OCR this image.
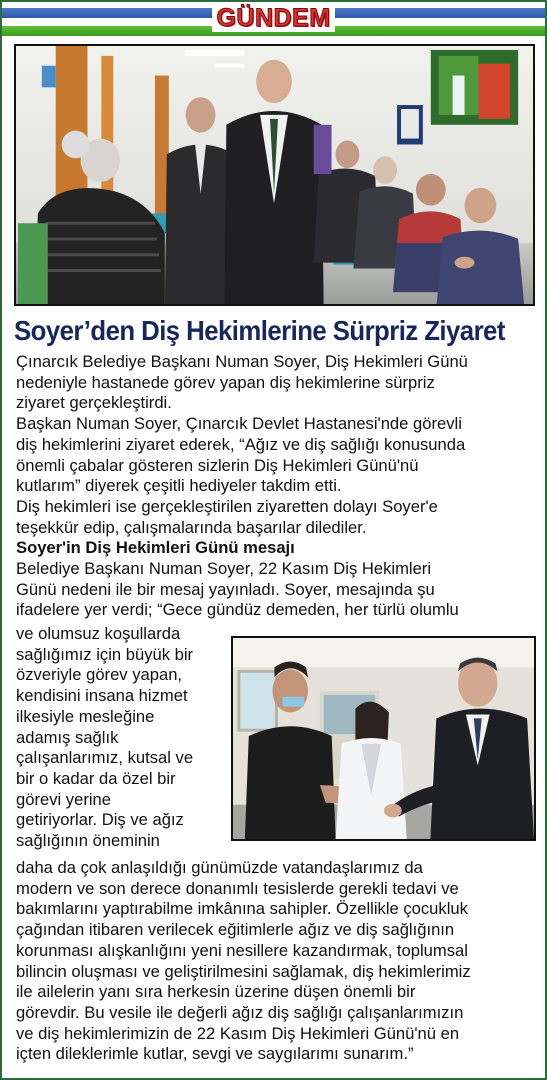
GÜNDEM
Soyer’den Diş Hekimlerine Sürpriz Ziyaret

Çınarcık Belediye Başkanı Numan Soyer, Diş Hekimleri Günü

nedeniyle hastanede görev yapan diş hekimlerine sürpriz

ziyaret gerçekleştirdi.

Başkan Numan Soyer, Çınarcık Devlet Hastanesi'nde görevli

diş hekimlerini ziyaret ederek, “Ağız ve diş sağlığı konusunda

önemli çabalar gösteren sizlerin Diş Hekimleri Günü'nü

kutlarım” diyerek çeşitli hediyeler takdim etti.

Diş hekimleri ise gerçekleştirilen ziyaretten dolayı Soyer'e

teşekkür edip, çalışmalarında başarılar dilediler.

Soyer'in Diş Hekimleri Günü mesajı

Belediye Başkanı Numan Soyer, 22 Kasım Diş Hekimleri

Günü nedeni ile bir mesaj yayınladı. Soyer, mesajında şu

ifadelere yer verdi; “Gece gündüz demeden, her türlü olumlu

ve olumsuz koşullarda

sağlığımız için büyük bir

özveriyle görev yapan,

kendisini insana hizmet

ilkesiyle mesleğine

adamış sağlık

çalışanlarımız, kutsal ve

bir o kadar da özel bir

görevi yerine

getiriyorlar. Diş ve ağız

sağlığının öneminin

daha da çok anlaşıldığı günümüzde vatandaşlarımız da

modern ve son derece donanımlı tesislerde gerekli tedavi ve

bakımlarını yaptırabilme imkânına sahipler. Özellikle çocukluk

çağından itibaren verilecek eğitimlerle ağız ve diş sağlığının

korunması alışkanlığını yeni nesillere kazandırmak, toplumsal

bilincin oluşması ve geliştirilmesini sağlamak, diş hekimlerimiz

ile ailelerin yanı sıra herkesin üzerine düşen önemli bir

görevdir. Bu vesile ile değerli ağız diş sağlığı çalışanlarımızın

ve diş hekimlerimizin de 22 Kasım Diş Hekimleri Günü'nü en

içten dileklerimle kutlar, sevgi ve saygılarımı sunarım.”
